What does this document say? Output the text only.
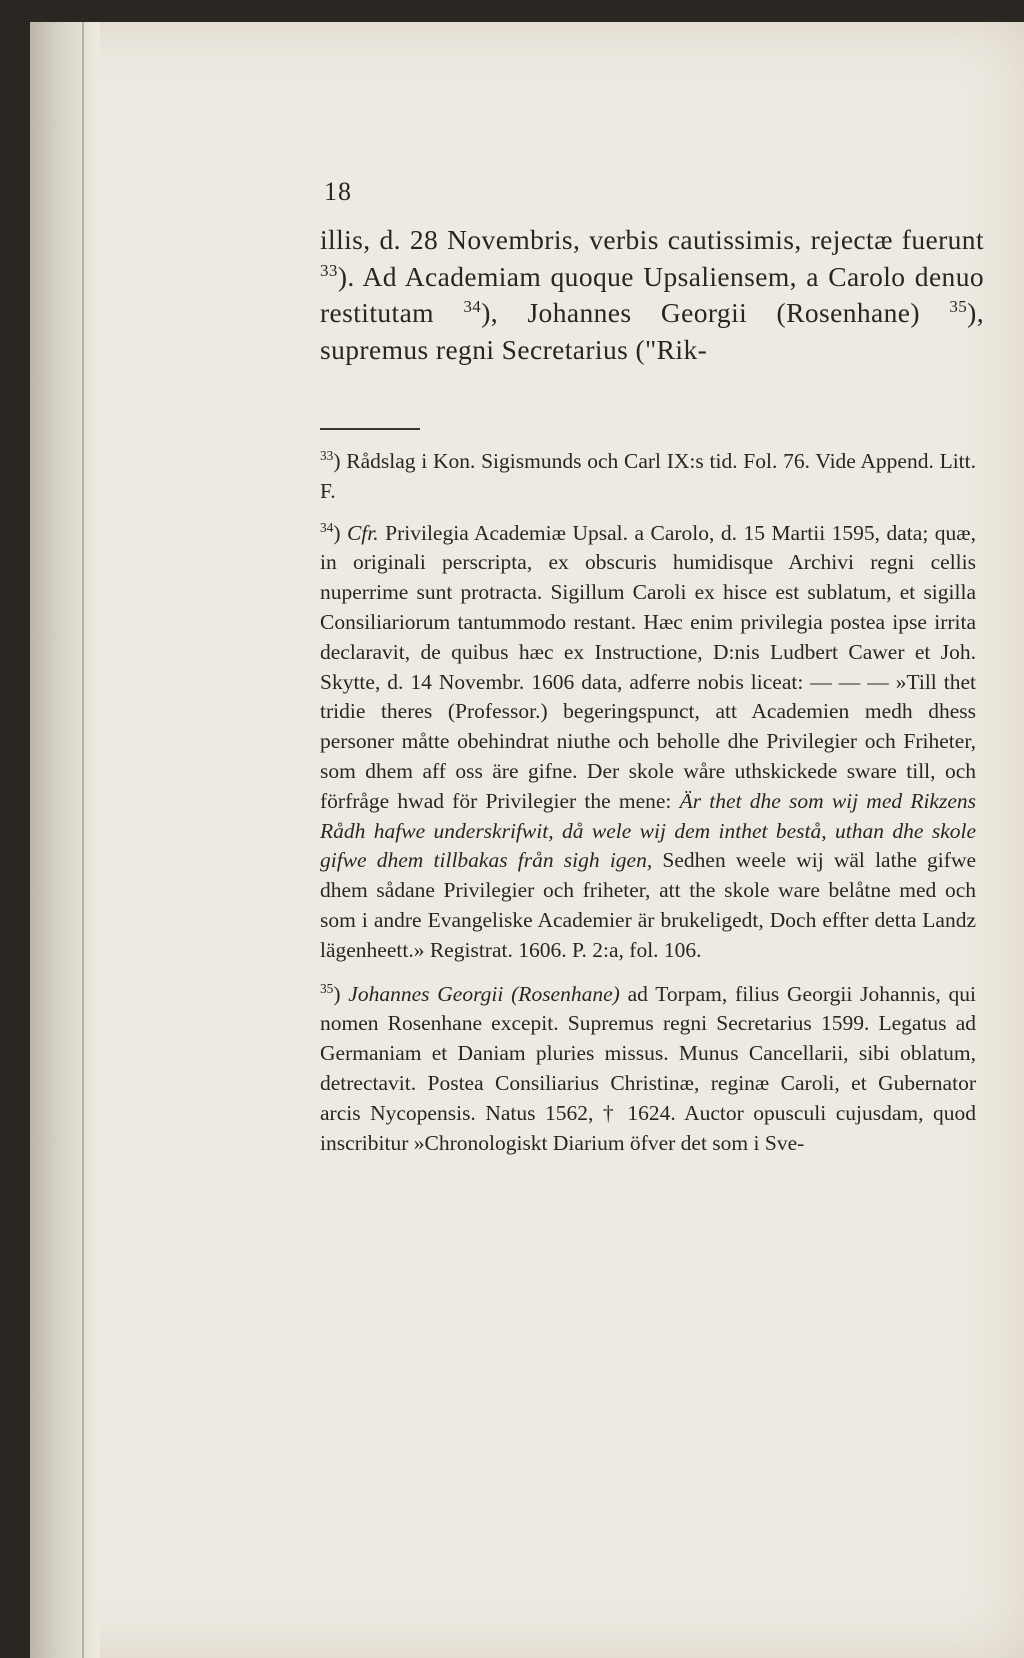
18
illis, d. 28 Novembris, verbis cautissimis, rejectæ fuerunt $^{33}$). Ad Academiam quoque Upsaliensem, a Carolo denuo restitutam $^{34}$), Johannes Georgii (Rosenhane) $^{35}$), supremus regni Secretarius ("Rik-

$^{33}$) Rådslag i Kon. Sigismunds och Carl IX:s tid. Fol. 76. Vide Append. Litt. F.

$^{34}$) Cfr. Privilegia Academiæ Upsal. a Carolo, d. 15 Martii 1595, data; quæ, in originali perscripta, ex obscuris humidisque Archivi regni cellis nuperrime sunt protracta. Sigillum Caroli ex hisce est sublatum, et sigilla Consiliariorum tantummodo restant. Hæc enim privilegia postea ipse irrita declaravit, de quibus hæc ex Instructione, D:nis Ludbert Cawer et Joh. Skytte, d. 14 Novembr. 1606 data, adferre nobis liceat: — — — »Till thet tridie theres (Professor.) begeringspunct, att Academien medh dhess personer måtte obehindrat niuthe och beholle dhe Privilegier och Friheter, som dhem aff oss äre gifne. Der skole wåre uthskickede sware till, och förfråge hwad för Privilegier the mene: Är thet dhe som wij med Rikzens Rådh hafwe underskrifwit, då wele wij dem inthet bestå, uthan dhe skole gifwe dhem tillbakas från sigh igen, Sedhen weele wij wäl lathe gifwe dhem sådane Privilegier och friheter, att the skole ware belåtne med och som i andre Evangeliske Academier är brukeligedt, Doch effter detta Landz lägenheett.» Registrat. 1606. P. 2:a, fol. 106.

$^{35}$) Johannes Georgii (Rosenhane) ad Torpam, filius Georgii Johannis, qui nomen Rosenhane excepit. Supremus regni Secretarius 1599. Legatus ad Germaniam et Daniam pluries missus. Munus Cancellarii, sibi oblatum, detrectavit. Postea Consiliarius Christinæ, reginæ Caroli, et Gubernator arcis Nycopensis. Natus 1562, † 1624. Auctor opusculi cujusdam, quod inscribitur »Chronologiskt Diarium öfver det som i Sve-
